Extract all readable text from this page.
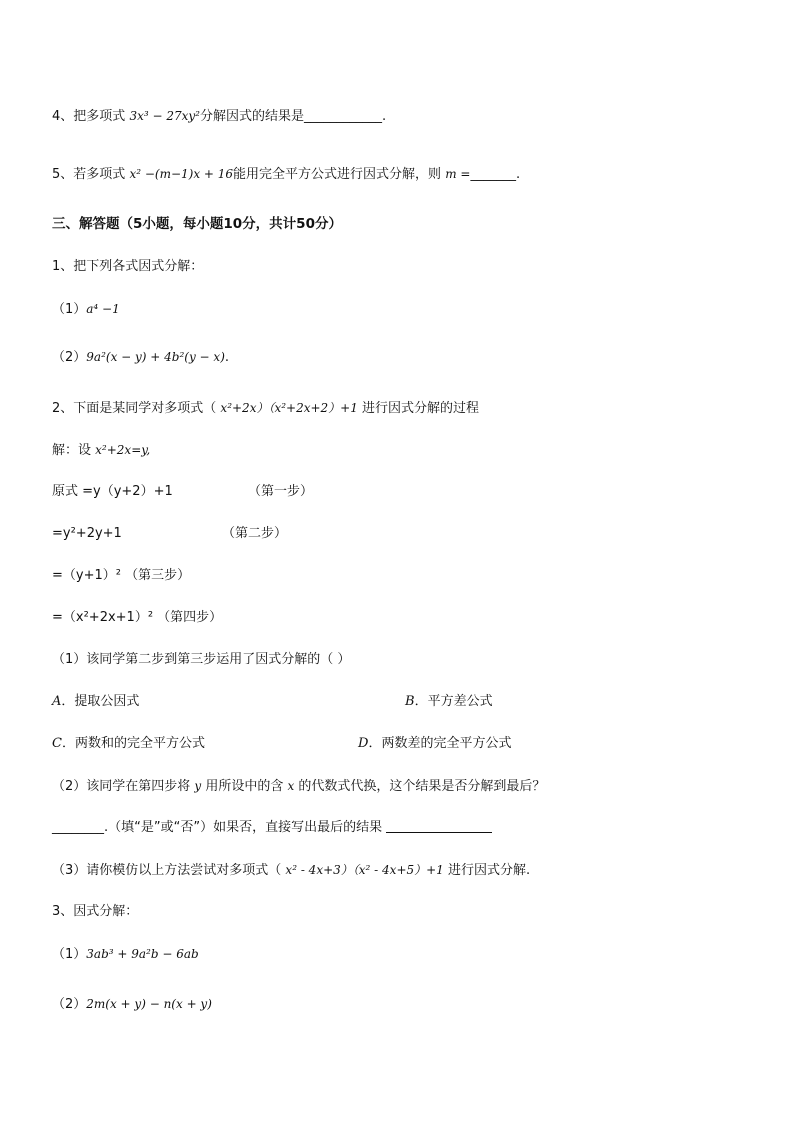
4、把多项式 3x³ − 27xy²分解因式的结果是____________.
5、若多项式 x² −(m−1)x + 16能用完全平方公式进行因式分解，则 m =_______.
三、解答题（5小题，每小题10分，共计50分）
1、把下列各式因式分解：
（1）a⁴ −1
（2）9a²(x − y) + 4b²(y − x).
2、下面是某同学对多项式（ x²+2x）（x²+2x+2）+1 进行因式分解的过程
解：设 x²+2x=y,
原式 =y（y+2）+1	（第一步）
=y²+2y+1	（第二步）
=（y+1）² （第三步）
=（x²+2x+1）² （第四步）
（1）该同学第二步到第三步运用了因式分解的（ ）
A．提取公因式	B．平方差公式
C．两数和的完全平方公式	D．两数差的完全平方公式
（2）该同学在第四步将 y 用所设中的含 x 的代数式代换，这个结果是否分解到最后？
________.（填“是”或“否”）如果否，直接写出最后的结果
（3）请你模仿以上方法尝试对多项式（ x² - 4x+3）（x² - 4x+5）+1 进行因式分解.
3、因式分解：
（1）3ab³ + 9a²b − 6ab
（2）2m(x + y) − n(x + y)
